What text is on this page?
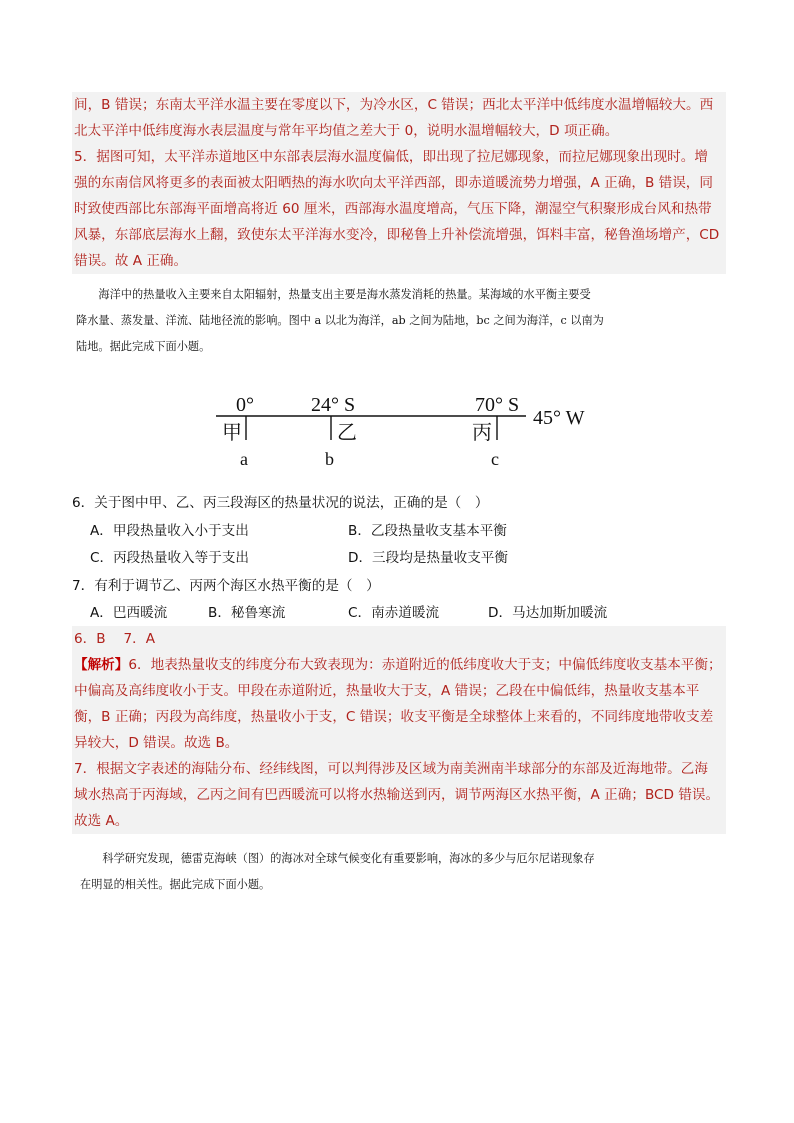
间，B 错误；东南太平洋水温主要在零度以下，为冷水区，C 错误；西北太平洋中低纬度水温增幅较大。西

北太平洋中低纬度海水表层温度与常年平均值之差大于 0，说明水温增幅较大，D 项正确。

5．据图可知，太平洋赤道地区中东部表层海水温度偏低，即出现了拉尼娜现象，而拉尼娜现象出现时。增

强的东南信风将更多的表面被太阳晒热的海水吹向太平洋西部，即赤道暖流势力增强，A 正确，B 错误，同

时致使西部比东部海平面增高将近 60 厘米，西部海水温度增高，气压下降，潮湿空气积聚形成台风和热带

风暴，东部底层海水上翻，致使东太平洋海水变冷，即秘鲁上升补偿流增强，饵料丰富，秘鲁渔场增产，CD

错误。故 A 正确。

海洋中的热量收入主要来自太阳辐射，热量支出主要是海水蒸发消耗的热量。某海域的水平衡主要受

降水量、蒸发量、洋流、陆地径流的影响。图中 a 以北为海洋，ab 之间为陆地，bc 之间为海洋，c 以南为

陆地。据此完成下面小题。

0°	24° S	70° S
45° W
甲	乙	丙
a	b	c

6．关于图中甲、乙、丙三段海区的热量状况的说法，正确的是（　）

A．甲段热量收入小于支出	B．乙段热量收支基本平衡
C．丙段热量收入等于支出	D．三段均是热量收支平衡

7．有利于调节乙、丙两个海区水热平衡的是（　）

A．巴西暖流	B．秘鲁寒流	C．南赤道暖流	D．马达加斯加暖流

6．B　 7．A

【解析】6．地表热量收支的纬度分布大致表现为：赤道附近的低纬度收大于支；中偏低纬度收支基本平衡；

中偏高及高纬度收小于支。甲段在赤道附近，热量收大于支，A 错误；乙段在中偏低纬，热量收支基本平

衡，B 正确；丙段为高纬度，热量收小于支，C 错误；收支平衡是全球整体上来看的，不同纬度地带收支差

异较大，D 错误。故选 B。

7．根据文字表述的海陆分布、经纬线图，可以判得涉及区域为南美洲南半球部分的东部及近海地带。乙海

域水热高于丙海域，乙丙之间有巴西暖流可以将水热输送到丙，调节两海区水热平衡，A 正确；BCD 错误。

故选 A。

科学研究发现，德雷克海峡（图）的海冰对全球气候变化有重要影响，海冰的多少与厄尔尼诺现象存

在明显的相关性。据此完成下面小题。
